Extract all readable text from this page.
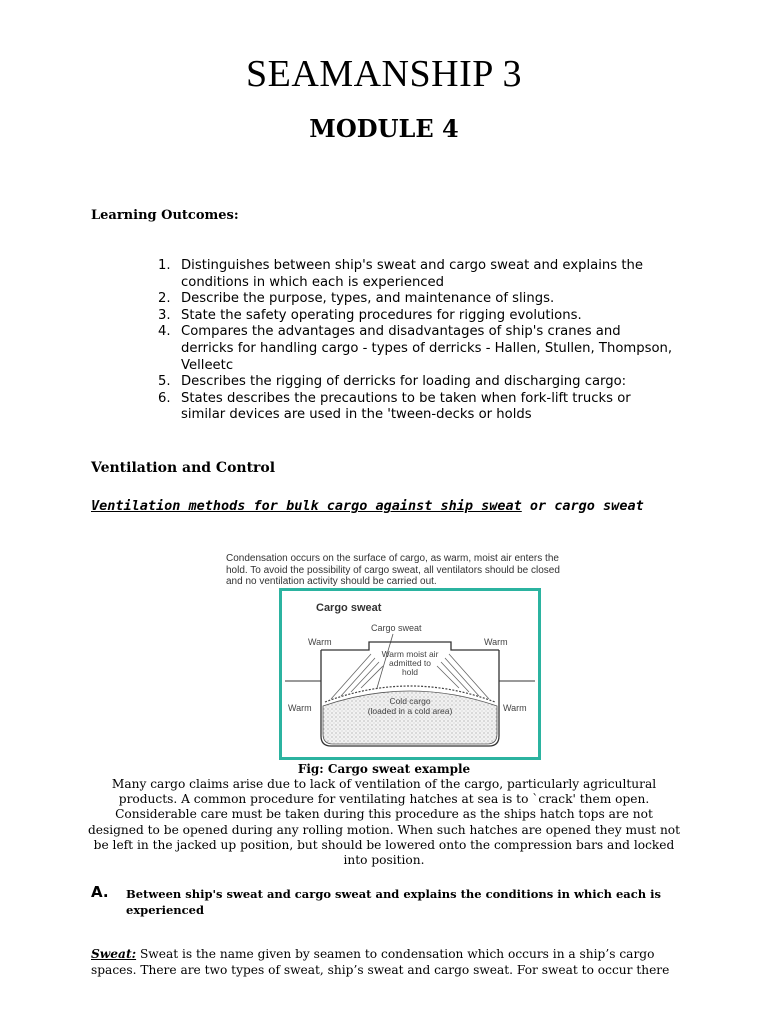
SEAMANSHIP 3
MODULE 4
Learning Outcomes:
1. Distinguishes between ship's sweat and cargo sweat and explains the conditions in which each is experienced
2. Describe the purpose, types, and maintenance of slings.
3. State the safety operating procedures for rigging evolutions.
4. Compares the advantages and disadvantages of ship's cranes and derricks for handling cargo - types of derricks - Hallen, Stullen, Thompson, Velleetc
5. Describes the rigging of derricks for loading and discharging cargo:
6. States describes the precautions to be taken when fork-lift trucks or similar devices are used in the 'tween-decks or holds
Ventilation and Control
Ventilation methods for bulk cargo against ship sweat or cargo sweat
Condensation occurs on the surface of cargo, as warm, moist air enters the hold. To avoid the possibility of cargo sweat, all ventilators should be closed and no ventilation activity should be carried out.
Cargo sweat
Cargo sweat
Warm	Warm
Warm	Warm
Warm moist air
admitted to
hold
Cold cargo
(loaded in a cold area)
Fig: Cargo sweat example
Many cargo claims arise due to lack of ventilation of the cargo, particularly agricultural products. A common procedure for ventilating hatches at sea is to `crack' them open. Considerable care must be taken during this procedure as the ships hatch tops are not designed to be opened during any rolling motion. When such hatches are opened they must not be left in the jacked up position, but should be lowered onto the compression bars and locked into position.
A. Between ship's sweat and cargo sweat and explains the conditions in which each is experienced
Sweat: Sweat is the name given by seamen to condensation which occurs in a ship’s cargo spaces. There are two types of sweat, ship’s sweat and cargo sweat. For sweat to occur there
